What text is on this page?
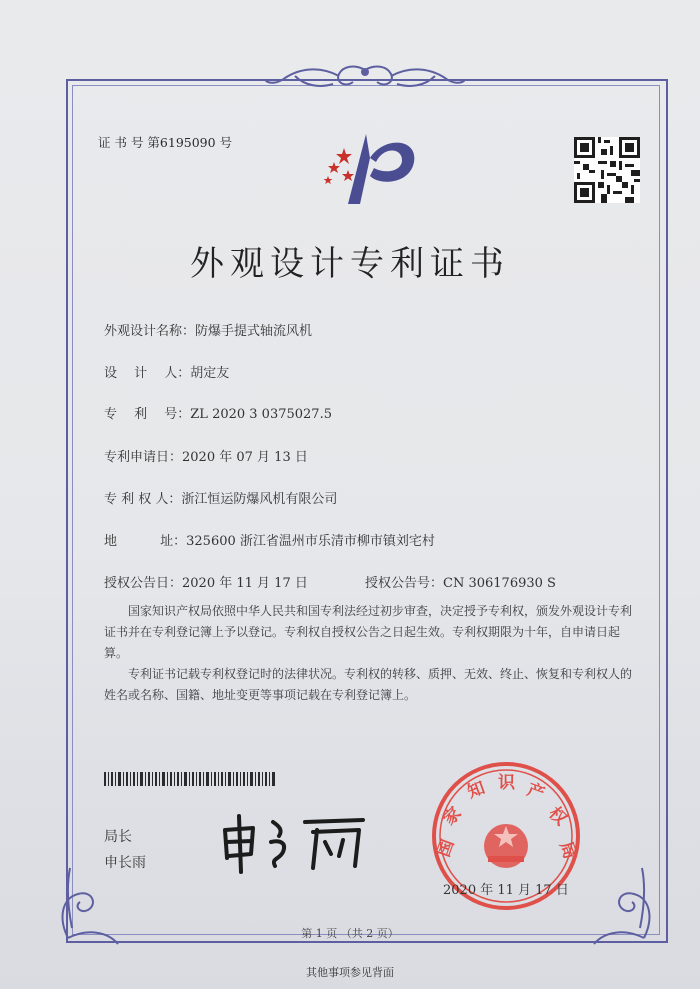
证 书 号 第6195090 号
外观设计专利证书
外观设计名称：防爆手提式轴流风机
设　 计　 人：胡定友
专　 利　 号：ZL 2020 3 0375027.5
专利申请日：2020 年 07 月 13 日
专 利 权 人：浙江恒运防爆风机有限公司
地　　　 址：325600 浙江省温州市乐清市柳市镇刘宅村
授权公告日：2020 年 11 月 17 日	授权公告号：CN 306176930 S

国家知识产权局依照中华人民共和国专利法经过初步审查，决定授予专利权，颁发外观设计专利证书并在专利登记簿上予以登记。专利权自授权公告之日起生效。专利权期限为十年，自申请日起算。

专利证书记载专利权登记时的法律状况。专利权的转移、质押、无效、终止、恢复和专利权人的姓名或名称、国籍、地址变更等事项记载在专利登记簿上。

局长
申长雨
国
家
知 识 产
权
局
2020 年 11 月 17 日
第 1 页 （共 2 页）
其他事项参见背面
